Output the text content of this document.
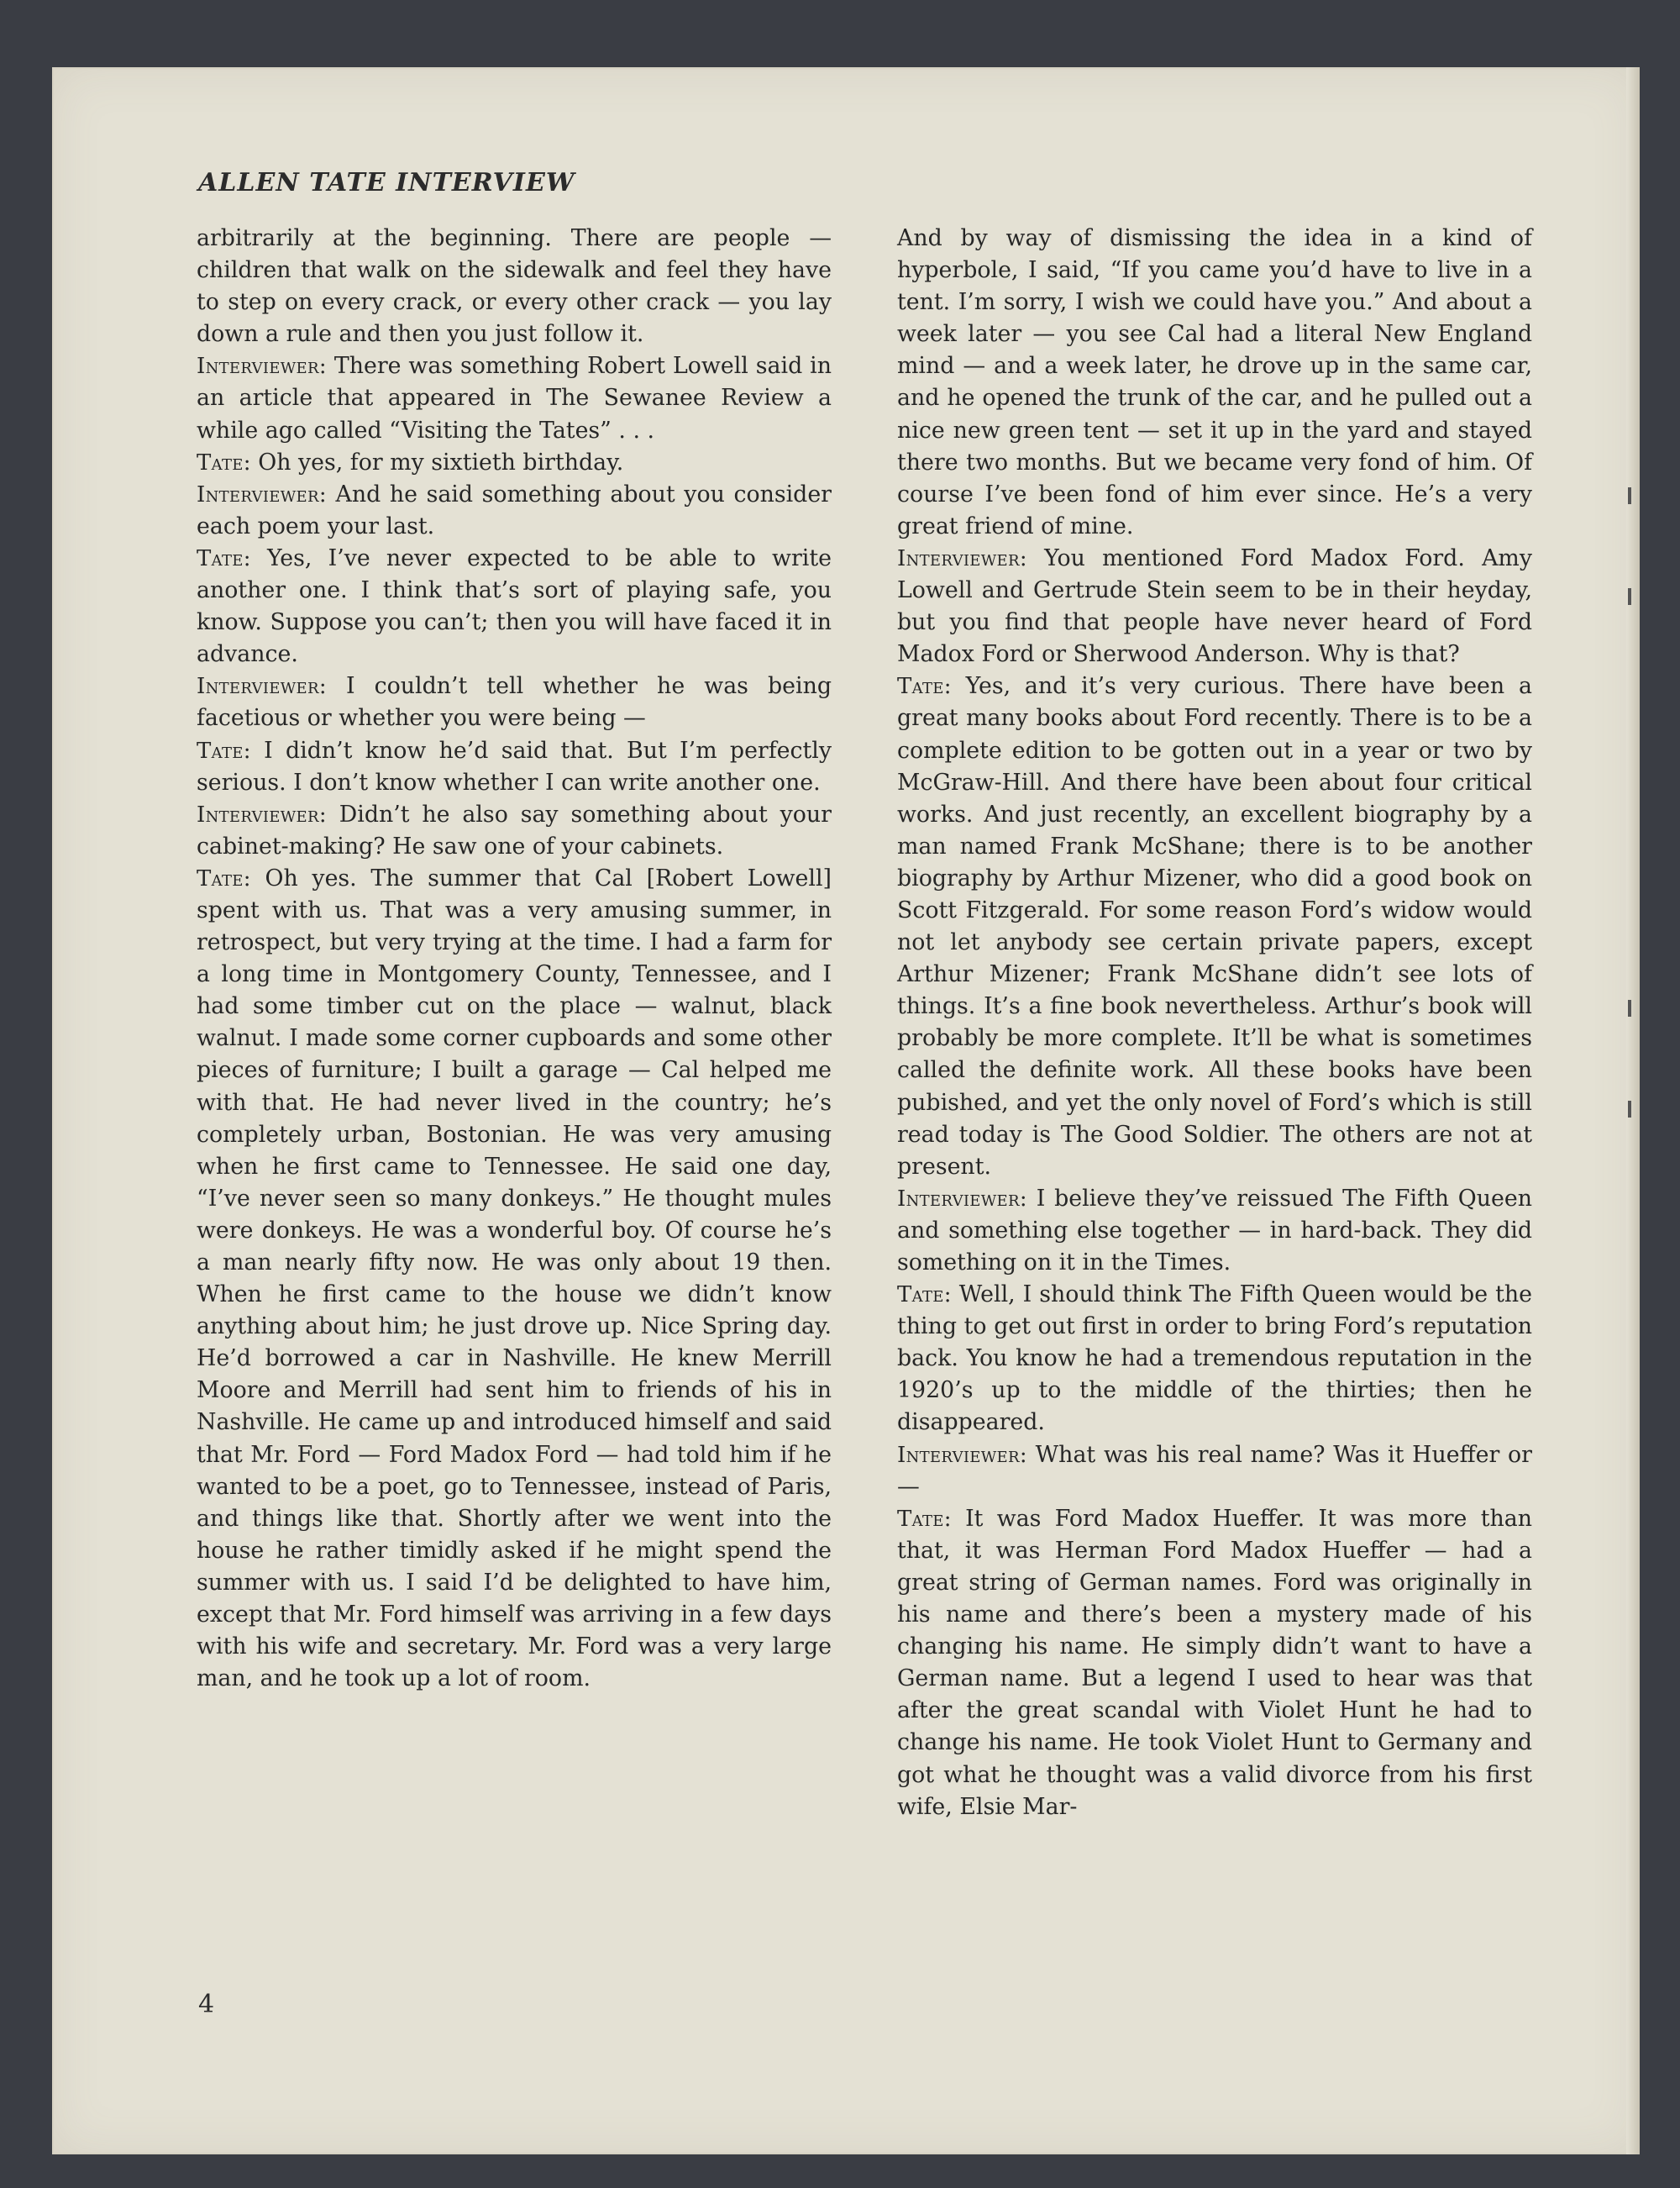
ALLEN TATE INTERVIEW

arbitrarily at the beginning. There are people — children that walk on the sidewalk and feel they have to step on every crack, or every other crack — you lay down a rule and then you just follow it.

Interviewer: There was something Robert Lowell said in an article that appeared in The Sewanee Review a while ago called “Visiting the Tates” . . .

Tate: Oh yes, for my sixtieth birthday.

Interviewer: And he said something about you consider each poem your last.

Tate: Yes, I’ve never expected to be able to write another one. I think that’s sort of playing safe, you know. Suppose you can’t; then you will have faced it in advance.

Interviewer: I couldn’t tell whether he was being facetious or whether you were being —

Tate: I didn’t know he’d said that. But I’m perfectly serious. I don’t know whether I can write another one.

Interviewer: Didn’t he also say something about your cabinet-making? He saw one of your cabinets.

Tate: Oh yes. The summer that Cal [Robert Lowell] spent with us. That was a very amusing summer, in retrospect, but very trying at the time. I had a farm for a long time in Montgomery County, Tennessee, and I had some timber cut on the place — walnut, black walnut. I made some corner cupboards and some other pieces of furniture; I built a garage — Cal helped me with that. He had never lived in the country; he’s completely urban, Bostonian. He was very amusing when he first came to Tennessee. He said one day, “I’ve never seen so many donkeys.” He thought mules were donkeys. He was a wonderful boy. Of course he’s a man nearly fifty now. He was only about 19 then. When he first came to the house we didn’t know anything about him; he just drove up. Nice Spring day. He’d borrowed a car in Nashville. He knew Merrill Moore and Merrill had sent him to friends of his in Nashville. He came up and introduced himself and said that Mr. Ford — Ford Madox Ford — had told him if he wanted to be a poet, go to Tennessee, instead of Paris, and things like that. Shortly after we went into the house he rather timidly asked if he might spend the summer with us. I said I’d be delighted to have him, except that Mr. Ford himself was arriving in a few days with his wife and secretary. Mr. Ford was a very large man, and he took up a lot of room.

And by way of dismissing the idea in a kind of hyperbole, I said, “If you came you’d have to live in a tent. I’m sorry, I wish we could have you.” And about a week later — you see Cal had a literal New England mind — and a week later, he drove up in the same car, and he opened the trunk of the car, and he pulled out a nice new green tent — set it up in the yard and stayed there two months. But we became very fond of him. Of course I’ve been fond of him ever since. He’s a very great friend of mine.

Interviewer: You mentioned Ford Madox Ford. Amy Lowell and Gertrude Stein seem to be in their heyday, but you find that people have never heard of Ford Madox Ford or Sherwood Anderson. Why is that?

Tate: Yes, and it’s very curious. There have been a great many books about Ford recently. There is to be a complete edition to be gotten out in a year or two by McGraw-Hill. And there have been about four critical works. And just recently, an excellent biography by a man named Frank McShane; there is to be another biography by Arthur Mizener, who did a good book on Scott Fitzgerald. For some reason Ford’s widow would not let anybody see certain private papers, except Arthur Mizener; Frank McShane didn’t see lots of things. It’s a fine book nevertheless. Arthur’s book will probably be more complete. It’ll be what is sometimes called the definite work. All these books have been pubished, and yet the only novel of Ford’s which is still read today is The Good Soldier. The others are not at present.

Interviewer: I believe they’ve reissued The Fifth Queen and something else together — in hard-back. They did something on it in the Times.

Tate: Well, I should think The Fifth Queen would be the thing to get out first in order to bring Ford’s reputation back. You know he had a tremendous reputation in the 1920’s up to the middle of the thirties; then he disappeared.

Interviewer: What was his real name? Was it Hueffer or —

Tate: It was Ford Madox Hueffer. It was more than that, it was Herman Ford Madox Hueffer — had a great string of German names. Ford was originally in his name and there’s been a mystery made of his changing his name. He simply didn’t want to have a German name. But a legend I used to hear was that after the great scandal with Violet Hunt he had to change his name. He took Violet Hunt to Germany and got what he thought was a valid divorce from his first wife, Elsie Mar-

4
